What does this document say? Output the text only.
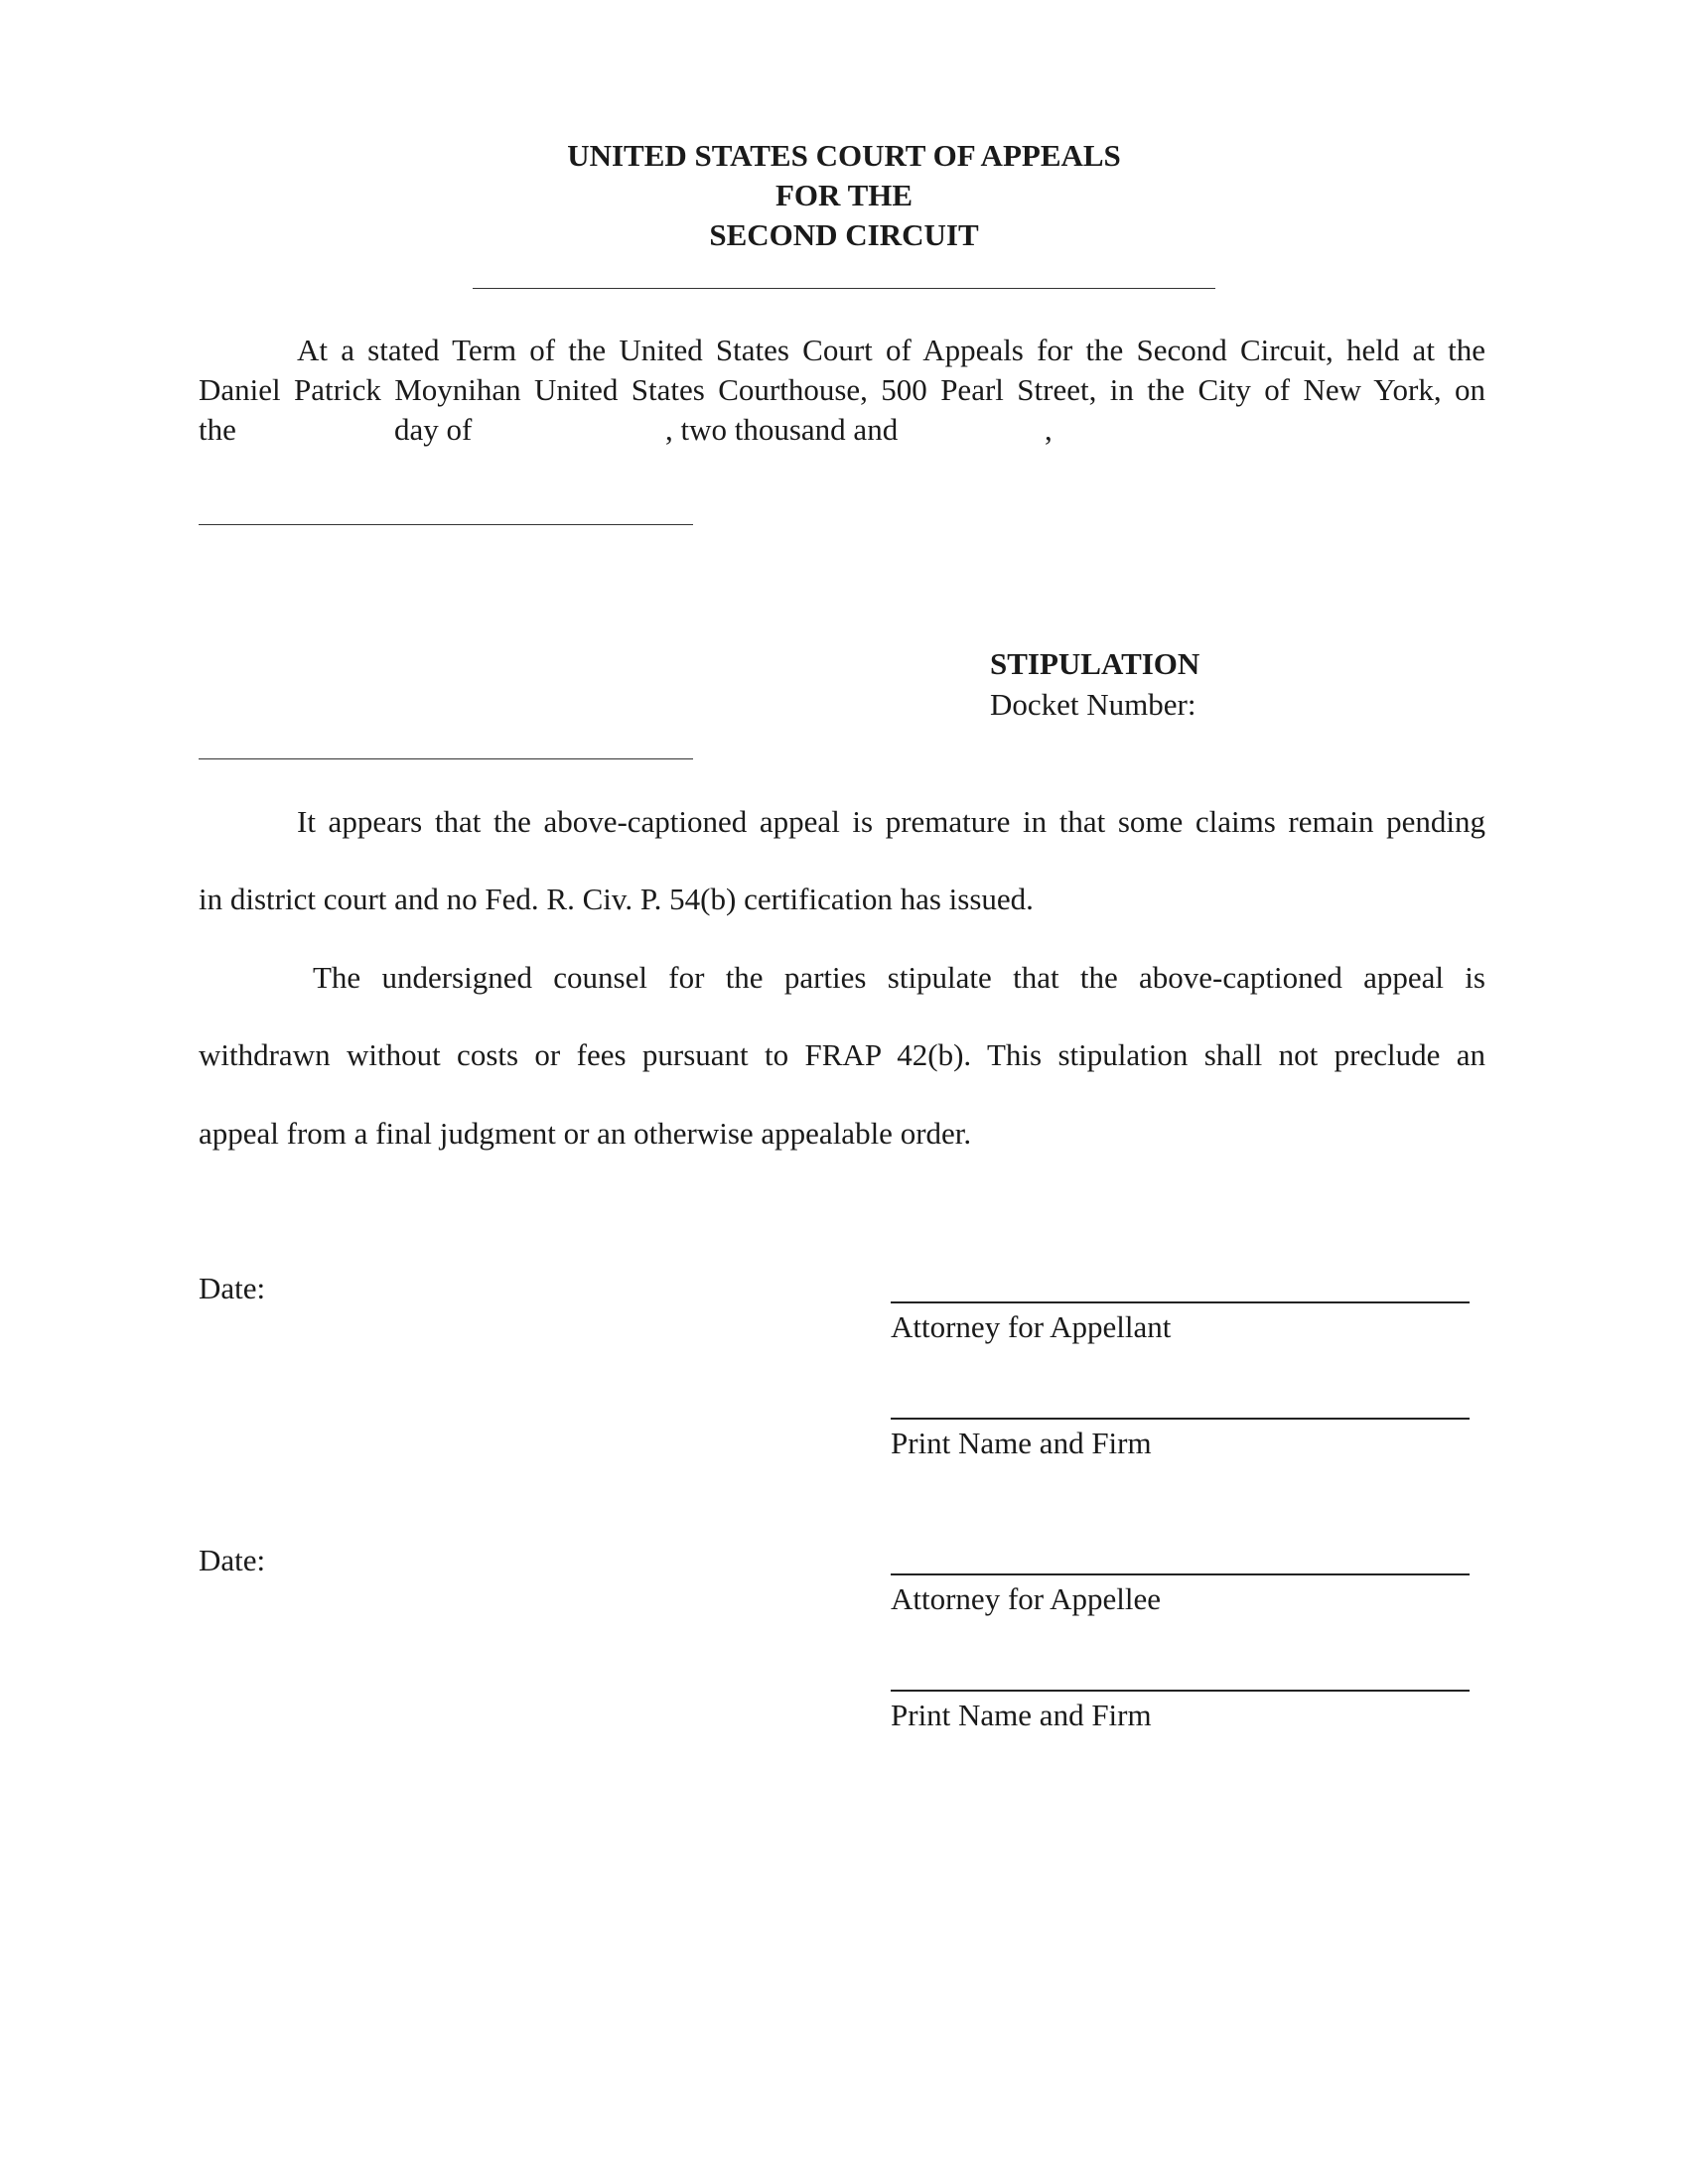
UNITED STATES COURT OF APPEALS
FOR THE
SECOND CIRCUIT
At a stated Term of the United States Court of Appeals for the Second Circuit, held at the
Daniel Patrick Moynihan United States Courthouse, 500 Pearl Street, in the City of New York, on
the	day of	, two thousand and	,
STIPULATION
Docket Number:
It appears that the above-captioned appeal is premature in that some claims remain pending
in district court and no Fed. R. Civ. P. 54(b) certification has issued.
The undersigned counsel for the parties stipulate that the above-captioned appeal is
withdrawn without costs or fees pursuant to FRAP 42(b). This stipulation shall not preclude an
appeal from a final judgment or an otherwise appealable order.
Date:
Attorney for Appellant
Print Name and Firm
Date:
Attorney for Appellee
Print Name and Firm
